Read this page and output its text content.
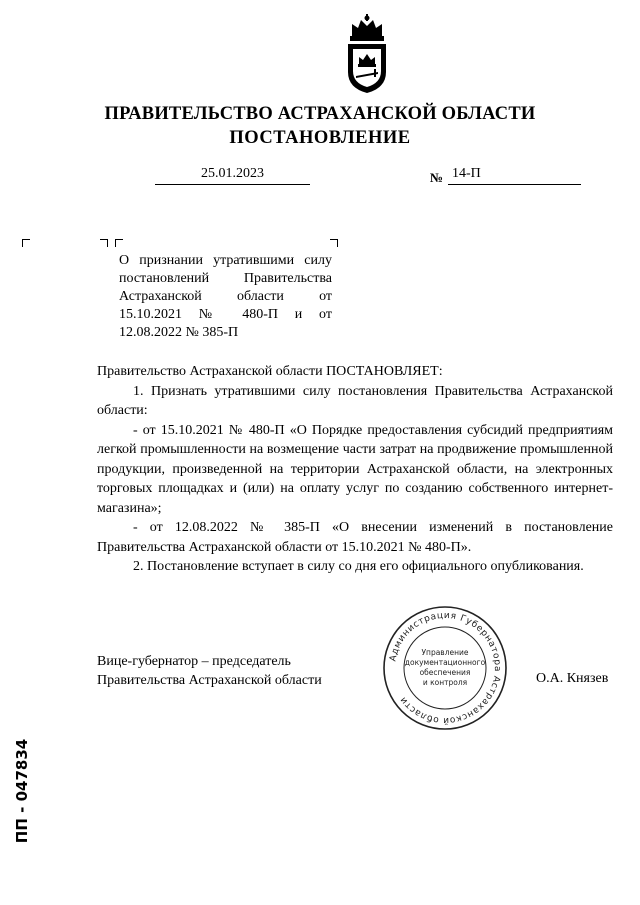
ПРАВИТЕЛЬСТВО АСТРАХАНСКОЙ ОБЛАСТИ
ПОСТАНОВЛЕНИЕ
25.01.2023	№ 14-П
О признании утратившими силу постановлений Правительства Астраханской области от 15.10.2021 № 480-П и от 12.08.2022 № 385-П

Правительство Астраханской области ПОСТАНОВЛЯЕТ:

1. Признать утратившими силу постановления Правительства Астраханской области:

- от 15.10.2021 № 480-П «О Порядке предоставления субсидий предприятиям легкой промышленности на возмещение части затрат на продвижение промышленной продукции, произведенной на территории Астраханской области, на электронных торговых площадках и (или) на оплату услуг по созданию собственного интернет-магазина»;

- от 12.08.2022 № 385-П «О внесении изменений в постановление Правительства Астраханской области от 15.10.2021 № 480-П».

2. Постановление вступает в силу со дня его официального опубликования.

Вице-губернатор – председатель
Правительства Астраханской области	О.А. Князев
Администрация Губернатора Астраханской области
Управление
документационного
обеспечения
и контроля
ПП - 047834
